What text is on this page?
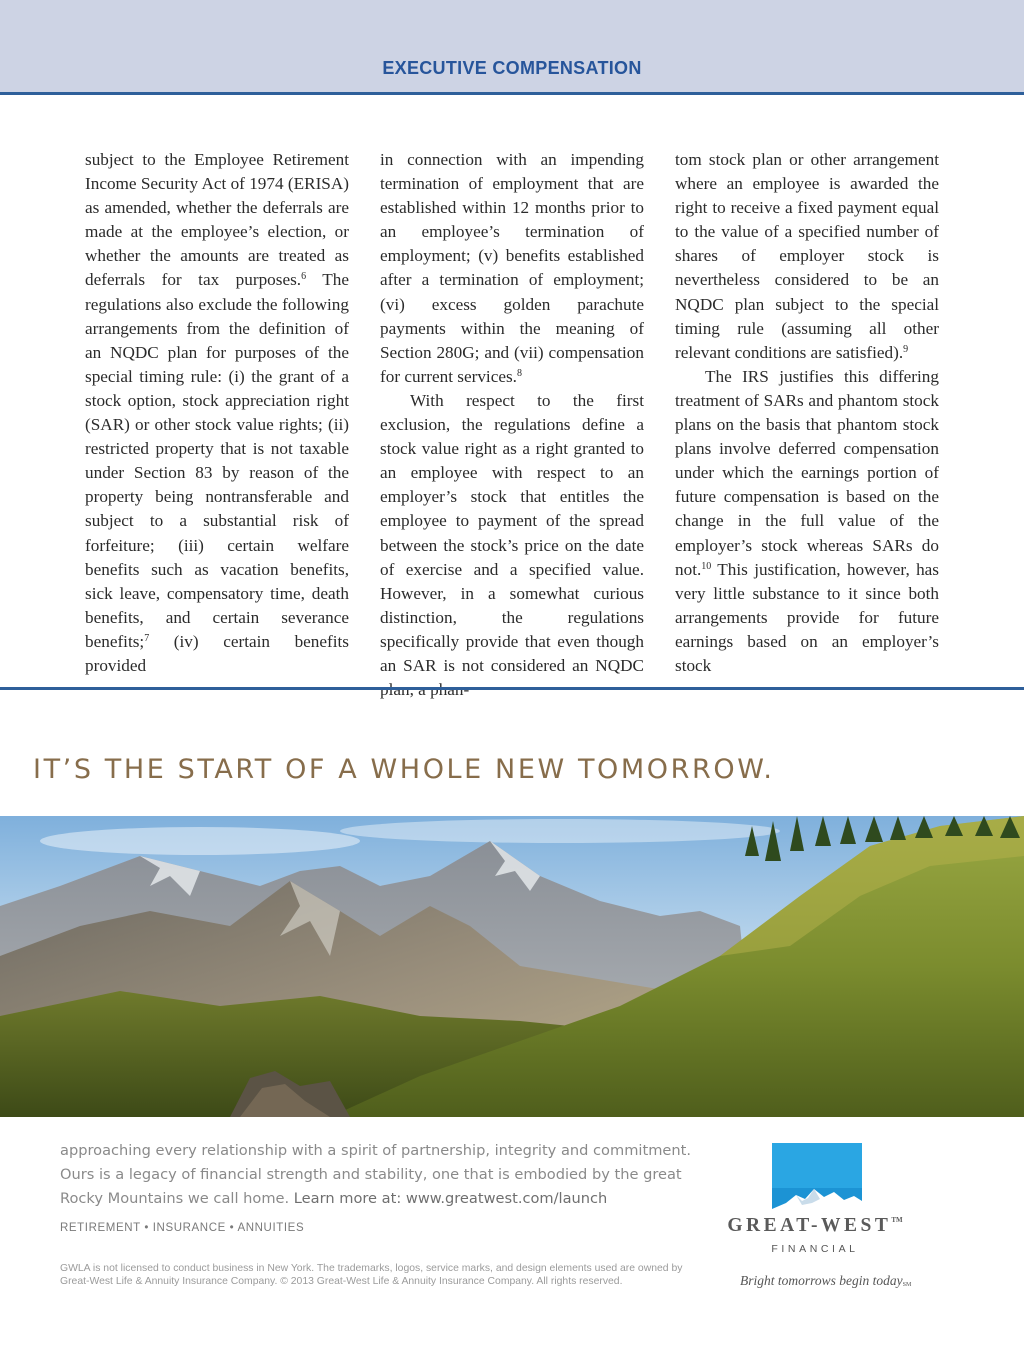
EXECUTIVE COMPENSATION

subject to the Employee Retirement Income Security Act of 1974 (ERISA) as amended, whether the deferrals are made at the employee’s election, or whether the amounts are treated as deferrals for tax purposes.$^6$ The regulations also exclude the following arrangements from the definition of an NQDC plan for purposes of the special timing rule: (i) the grant of a stock option, stock appreciation right (SAR) or other stock value rights; (ii) restricted property that is not taxable under Section 83 by reason of the property being nontransferable and subject to a substantial risk of forfeiture; (iii) certain welfare benefits such as vacation benefits, sick leave, compensatory time, death benefits, and certain severance benefits;$^7$ (iv) certain benefits provided

in connection with an impending termination of employment that are established within 12 months prior to an employee’s termination of employment; (v) benefits established after a termination of employment; (vi) excess golden parachute payments within the meaning of Section 280G; and (vii) compensation for current services.$^8$

With respect to the first exclusion, the regulations define a stock value right as a right granted to an employee with respect to an employer’s stock that entitles the employee to payment of the spread between the stock’s price on the date of exercise and a specified value. However, in a somewhat curious distinction, the regulations specifically provide that even though an SAR is not considered an NQDC

tom stock plan or other arrangement where an employee is awarded the right to receive a fixed payment equal to the value of a specified number of shares of employer stock is nevertheless considered to be an NQDC plan subject to the special timing rule (assuming all other relevant conditions are satisfied).$^9$

The IRS justifies this differing treatment of SARs and phantom stock plans on the basis that phantom stock plans involve deferred compensation under which the earnings portion of future compensation is based on the change in the full value of the employer’s stock whereas SARs do not.$^{10}$ This justification, however, has very little substance to it since both arrangements provide for future earnings based on an employer’s stock

IT’S THE START OF A WHOLE NEW TOMORROW.
approaching every relationship with a spirit of partnership, integrity and commitment. Ours is a legacy of financial strength and stability, one that is embodied by the great Rocky Mountains we call home. Learn more at: www.greatwest.com/launch
RETIREMENT • INSURANCE • ANNUITIES
GWLA is not licensed to conduct business in New York. The trademarks, logos, service marks, and design elements used are owned by Great-West Life & Annuity Insurance Company. © 2013 Great-West Life & Annuity Insurance Company. All rights reserved.
GREAT-WEST™
FINANCIAL
Bright tomorrows begin today$_{SM}$
